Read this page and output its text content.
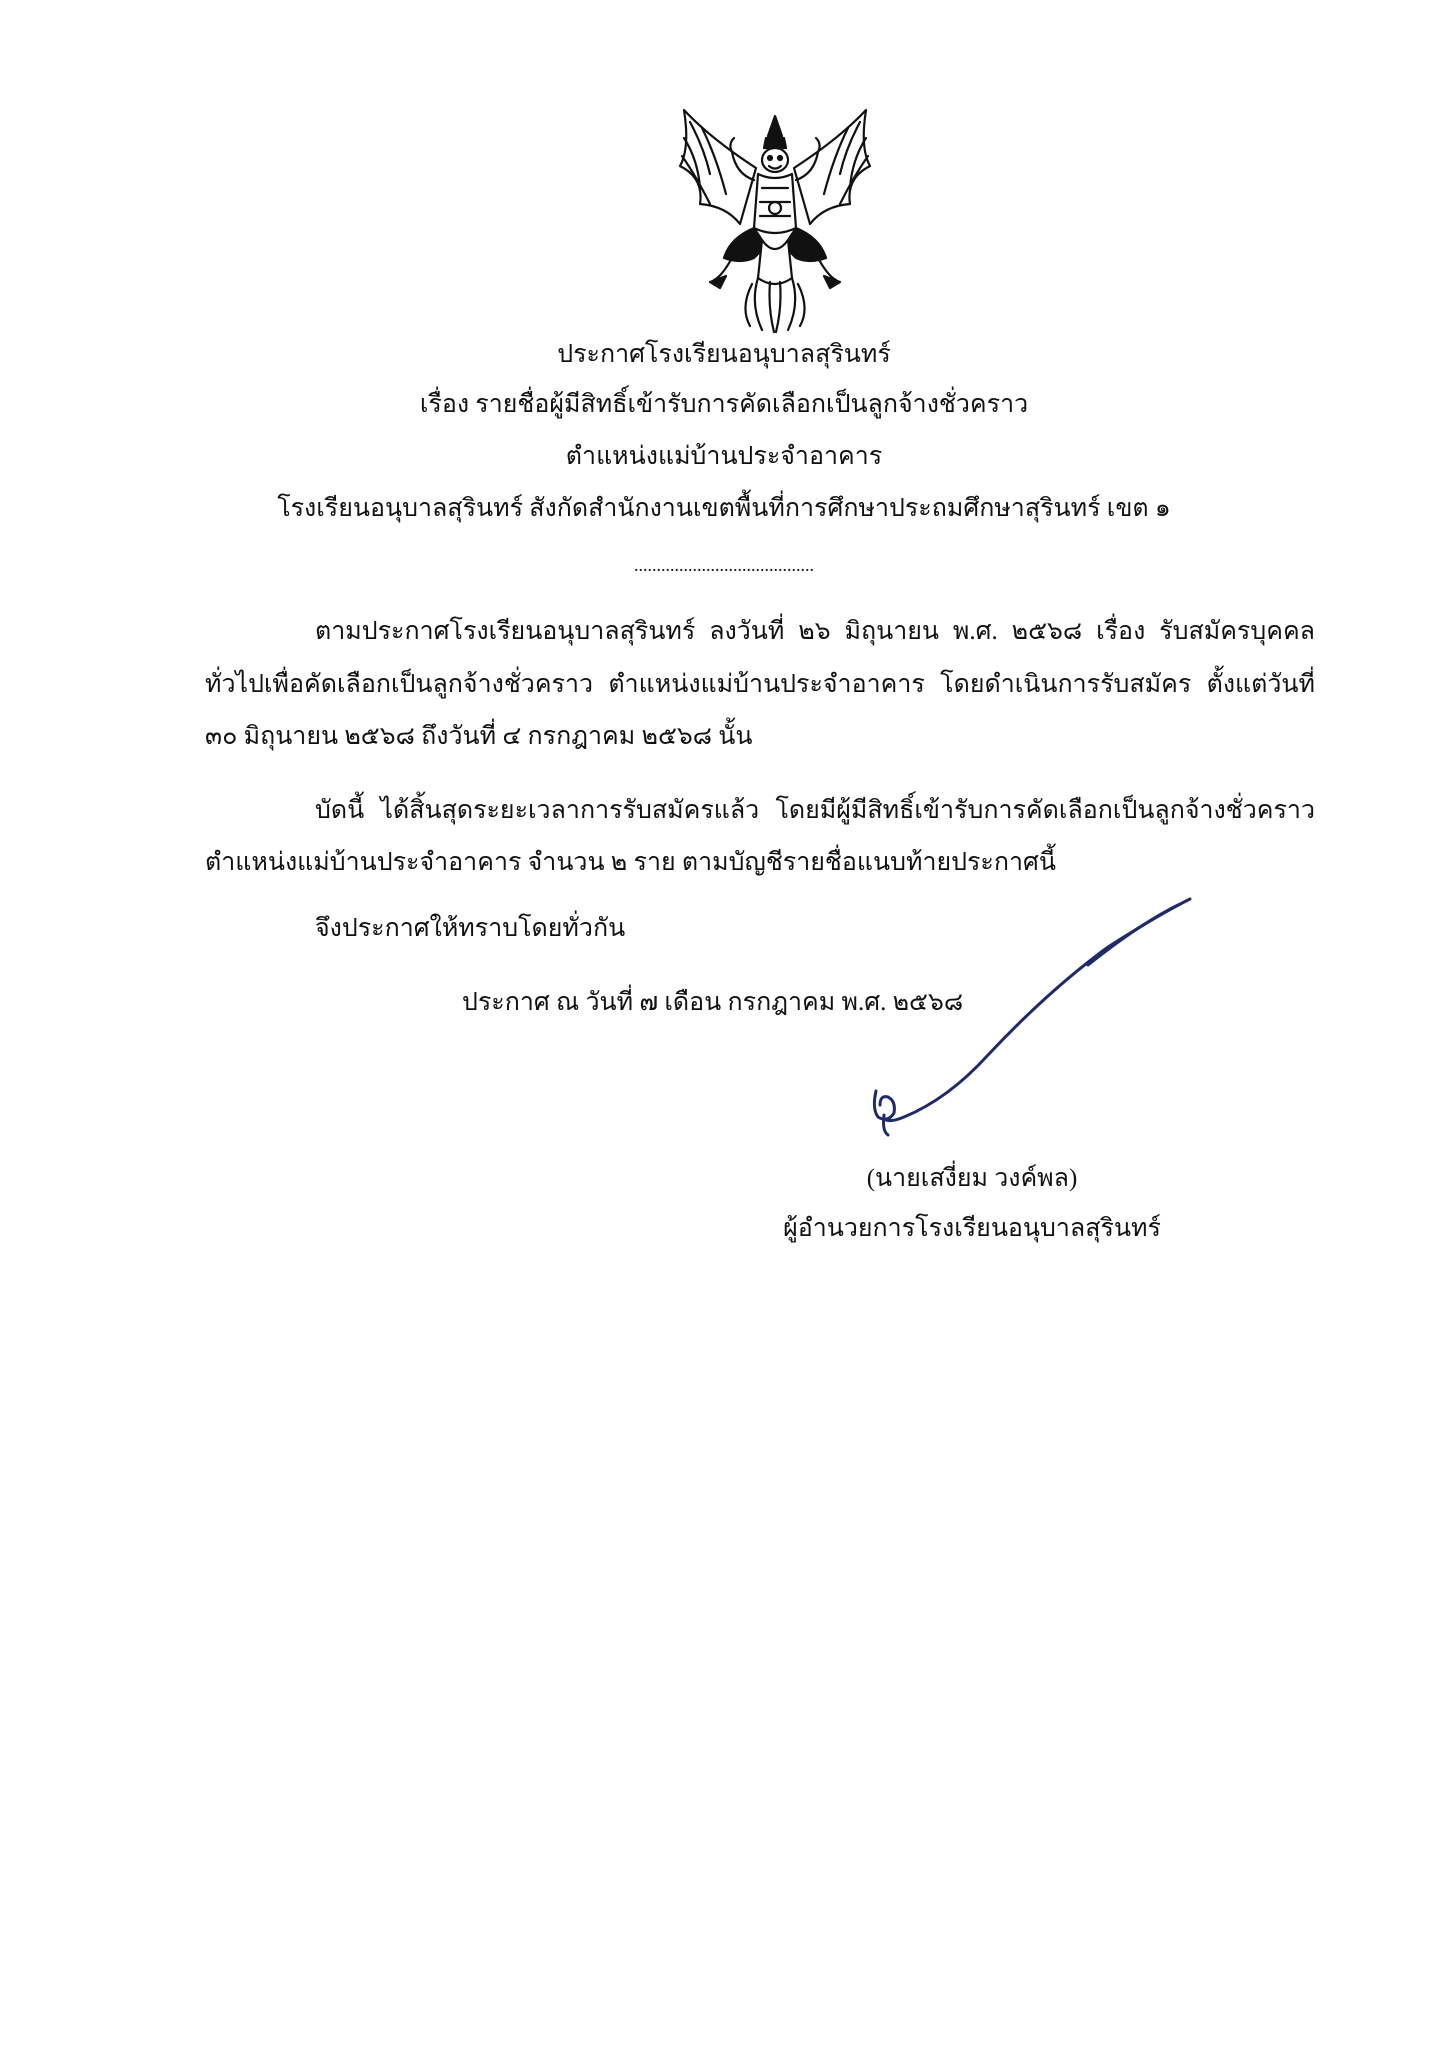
ประกาศโรงเรียนอนุบาลสุรินทร์
เรื่อง รายชื่อผู้มีสิทธิ์เข้ารับการคัดเลือกเป็นลูกจ้างชั่วคราว
ตำแหน่งแม่บ้านประจำอาคาร
โรงเรียนอนุบาลสุรินทร์ สังกัดสำนักงานเขตพื้นที่การศึกษาประถมศึกษาสุรินทร์ เขต ๑
........................................
ตามประกาศโรงเรียนอนุบาลสุรินทร์ ลงวันที่ ๒๖ มิถุนายน พ.ศ. ๒๕๖๘ เรื่อง รับสมัครบุคคล
ทั่วไปเพื่อคัดเลือกเป็นลูกจ้างชั่วคราว ตำแหน่งแม่บ้านประจำอาคาร โดยดำเนินการรับสมัคร ตั้งแต่วันที่
๓๐ มิถุนายน ๒๕๖๘ ถึงวันที่ ๔ กรกฎาคม ๒๕๖๘ นั้น
บัดนี้ ได้สิ้นสุดระยะเวลาการรับสมัครแล้ว โดยมีผู้มีสิทธิ์เข้ารับการคัดเลือกเป็นลูกจ้างชั่วคราว
ตำแหน่งแม่บ้านประจำอาคาร จำนวน ๒ ราย ตามบัญชีรายชื่อแนบท้ายประกาศนี้
จึงประกาศให้ทราบโดยทั่วกัน
ประกาศ ณ วันที่ ๗ เดือน กรกฎาคม พ.ศ. ๒๕๖๘
(นายเสงี่ยม วงค์พล)
ผู้อำนวยการโรงเรียนอนุบาลสุรินทร์
